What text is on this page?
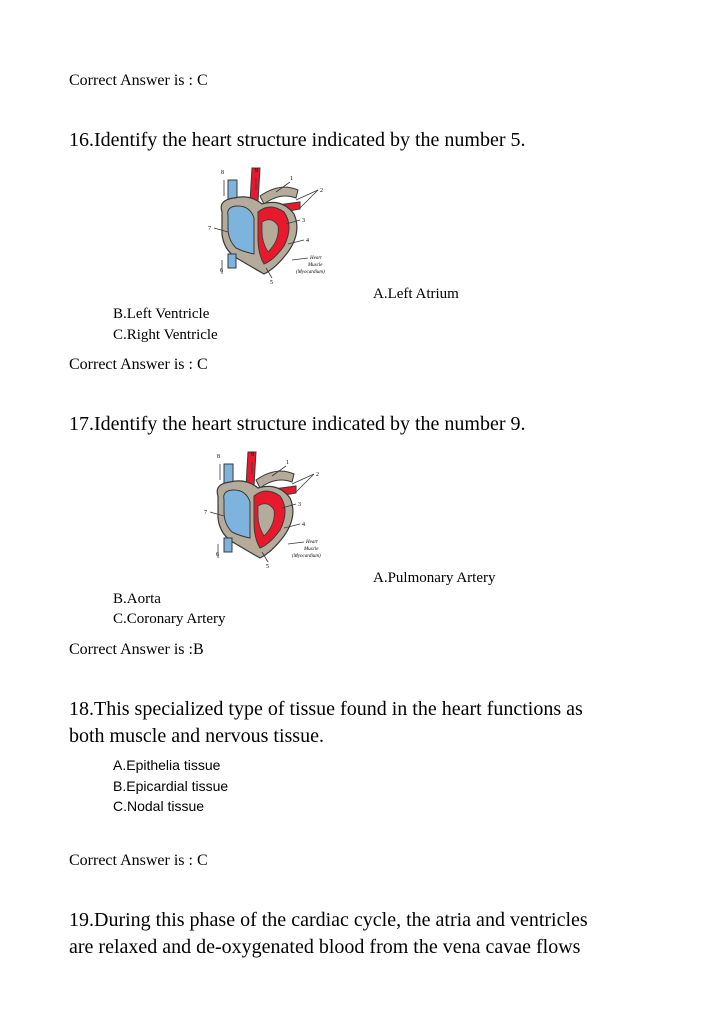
Correct Answer is : C
16.Identify the heart structure indicated by the number 5.
8	9
1
2
3
4
7
6
5
Heart
Muscle
(Myocardium)
A.Left Atrium
B.Left Ventricle
C.Right Ventricle
Correct Answer is : C
17.Identify the heart structure indicated by the number 9.
8	9
1
2
3
4
7
6
5
Heart
Muscle
(Myocardium)
A.Pulmonary Artery
B.Aorta
C.Coronary Artery
Correct Answer is :B
18.This specialized type of tissue found in the heart functions as
both muscle and nervous tissue.
A.Epithelia tissue
B.Epicardial tissue
C.Nodal tissue
Correct Answer is : C
19.During this phase of the cardiac cycle, the atria and ventricles
are relaxed and de-oxygenated blood from the vena cavae flows
